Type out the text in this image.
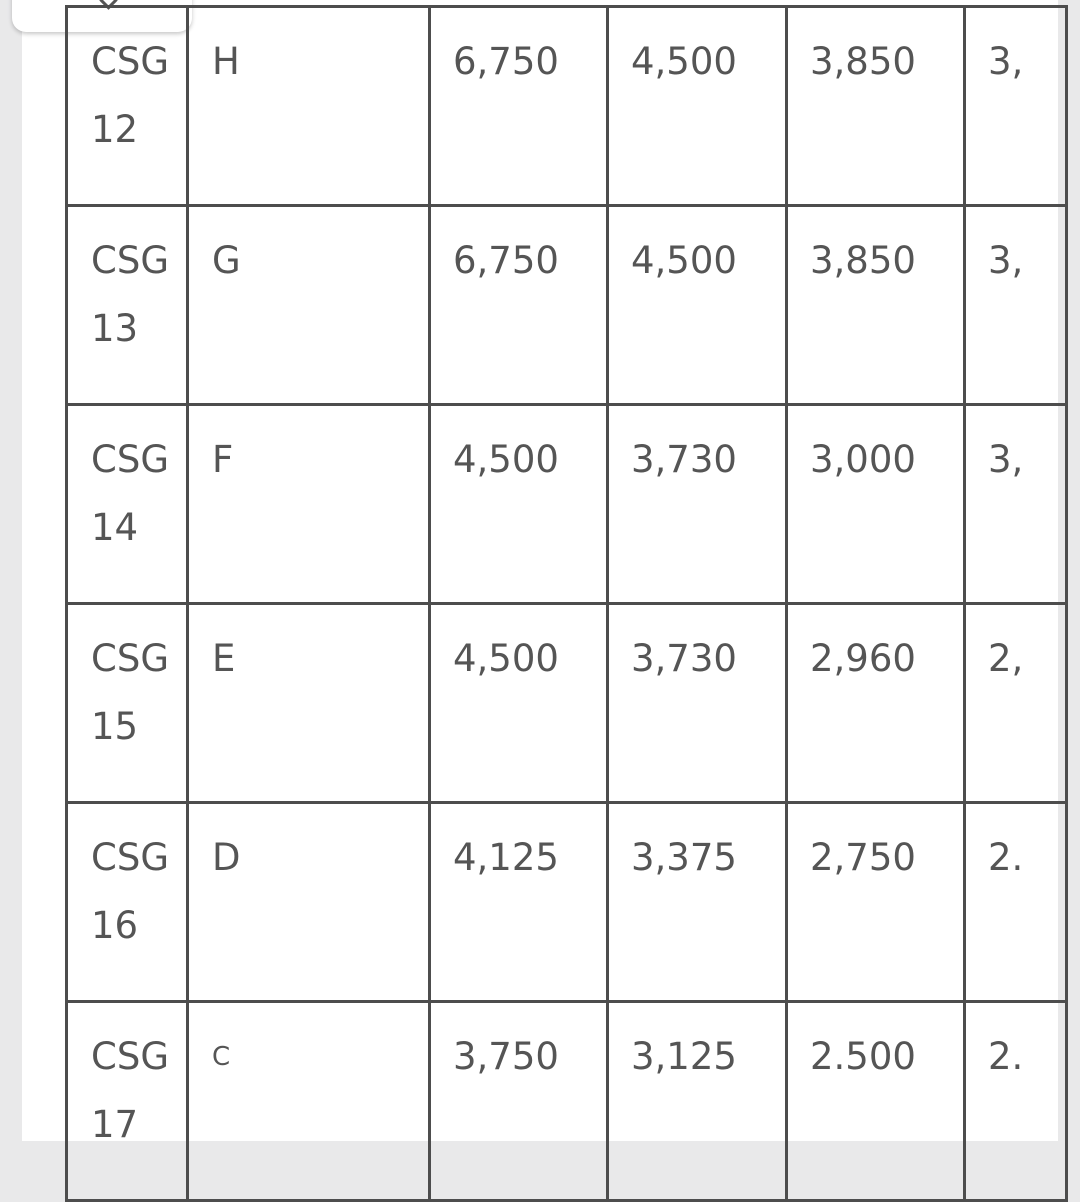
CSG
12	H	6,750	4,500	3,850	3,

CSG
13	G	6,750	4,500	3,850	3,

CSG
14	F	4,500	3,730	3,000	3,

CSG
15	E	4,500	3,730	2,960	2,

CSG
16	D	4,125	3,375	2,750	2.

CSG
17	C	3,750	3,125	2.500	2.
